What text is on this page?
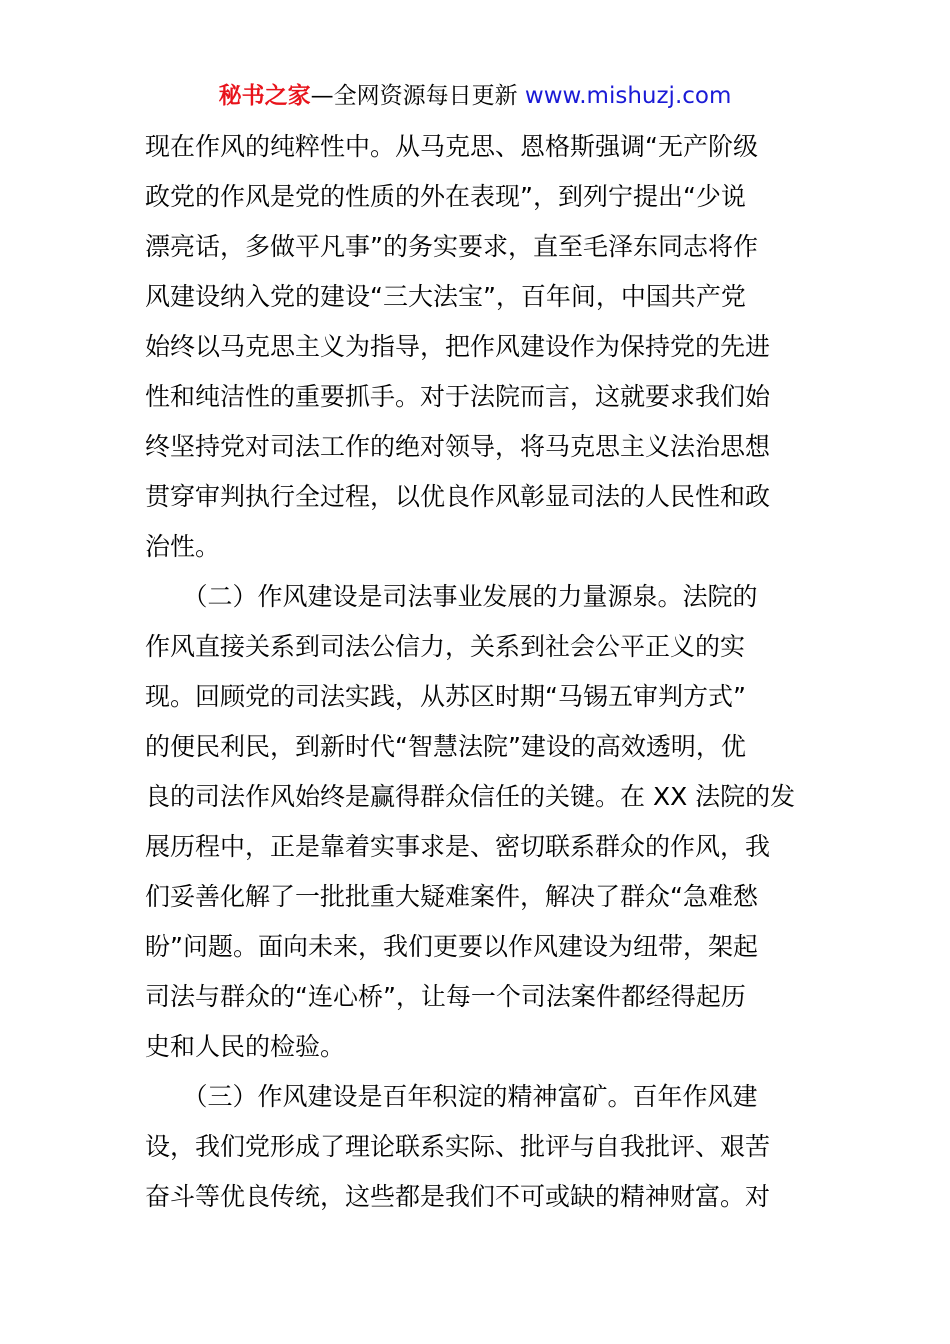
秘书之家—全网资源每日更新 www.mishuzj.com
现在作风的纯粹性中。从马克思、恩格斯强调“无产阶级
政党的作风是党的性质的外在表现”，到列宁提出“少说
漂亮话，多做平凡事”的务实要求，直至毛泽东同志将作
风建设纳入党的建设“三大法宝”，百年间，中国共产党
始终以马克思主义为指导，把作风建设作为保持党的先进
性和纯洁性的重要抓手。对于法院而言，这就要求我们始
终坚持党对司法工作的绝对领导，将马克思主义法治思想
贯穿审判执行全过程，以优良作风彰显司法的人民性和政
治性。
　　（二）作风建设是司法事业发展的力量源泉。法院的
作风直接关系到司法公信力，关系到社会公平正义的实
现。回顾党的司法实践，从苏区时期“马锡五审判方式”
的便民利民，到新时代“智慧法院”建设的高效透明，优
良的司法作风始终是赢得群众信任的关键。在 XX 法院的发
展历程中，正是靠着实事求是、密切联系群众的作风，我
们妥善化解了一批批重大疑难案件，解决了群众“急难愁
盼”问题。面向未来，我们更要以作风建设为纽带，架起
司法与群众的“连心桥”，让每一个司法案件都经得起历
史和人民的检验。
　　（三）作风建设是百年积淀的精神富矿。百年作风建
设，我们党形成了理论联系实际、批评与自我批评、艰苦
奋斗等优良传统，这些都是我们不可或缺的精神财富。对
